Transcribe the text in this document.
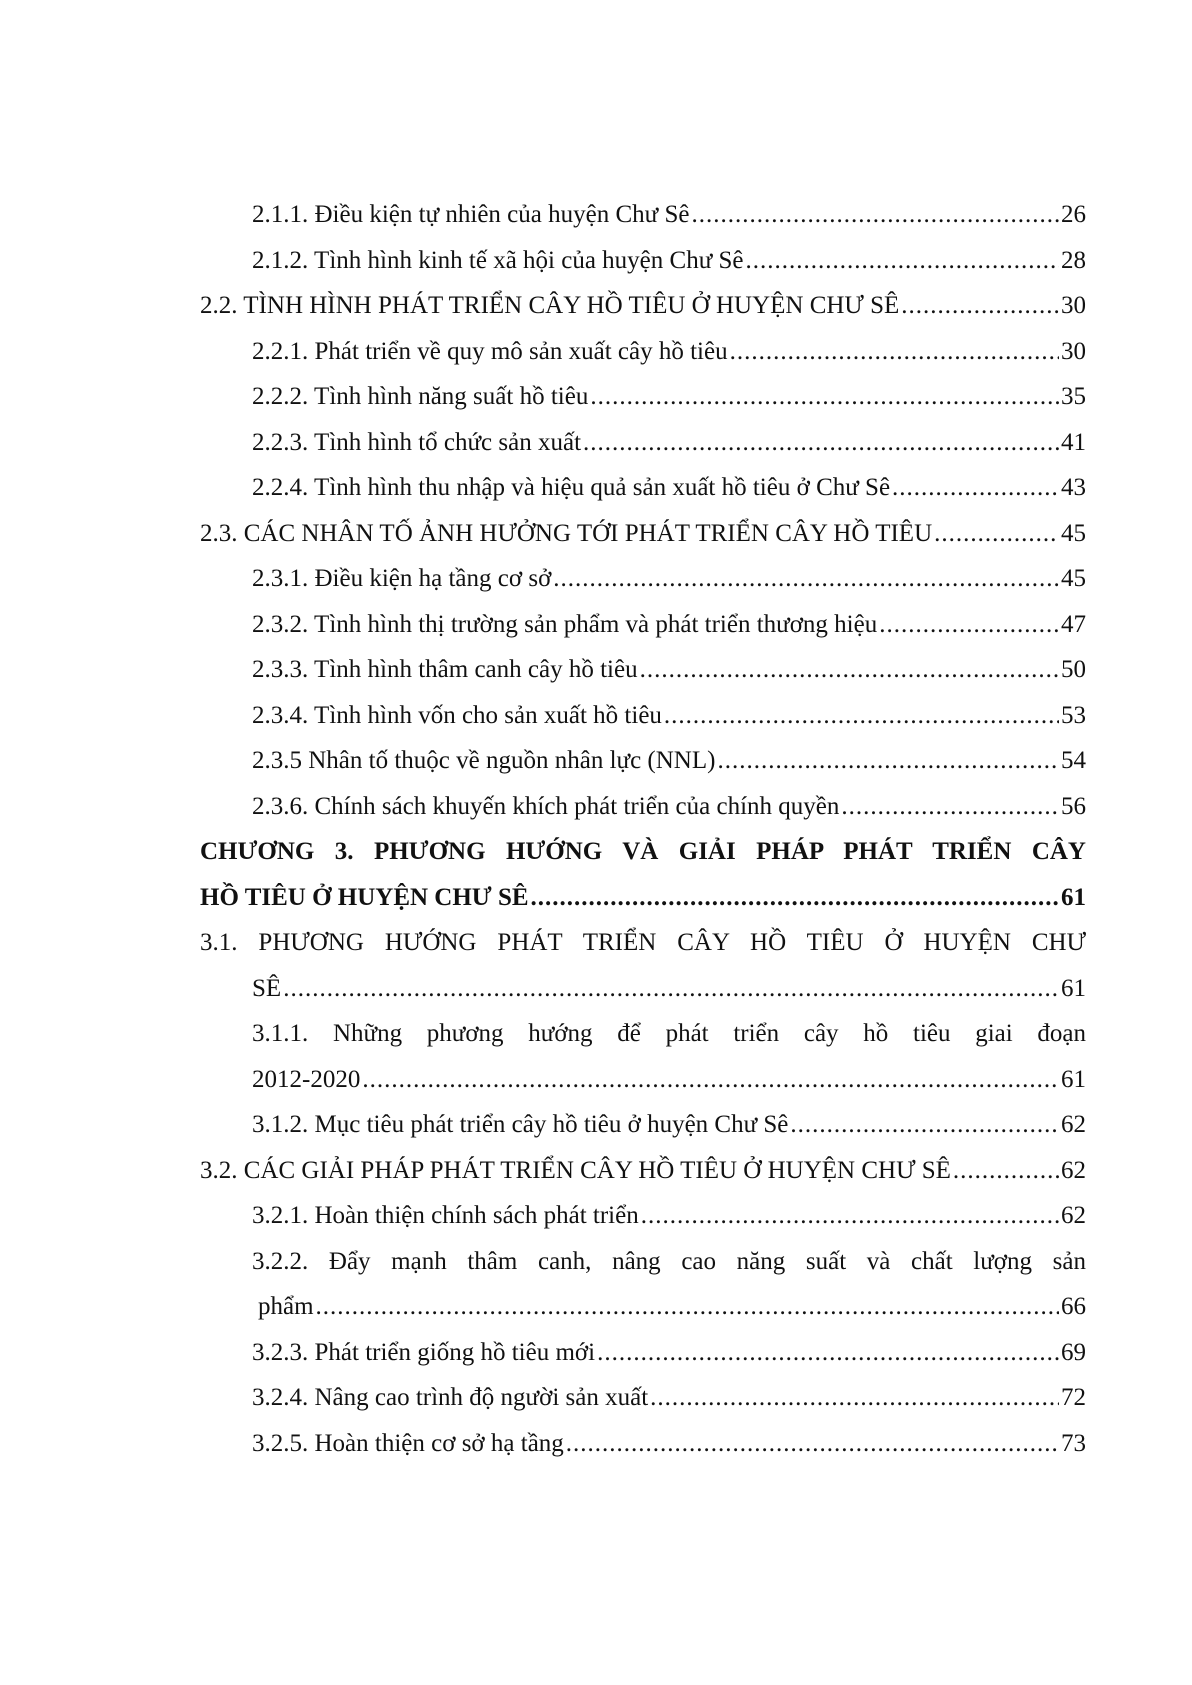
2.1.1. Điều kiện tự nhiên của huyện Chư Sê .....	26
2.1.2. Tình hình kinh tế xã hội của huyện Chư Sê .....	28
2.2. TÌNH HÌNH PHÁT TRIỂN CÂY HỒ TIÊU Ở HUYỆN CHƯ SÊ .....	30
2.2.1. Phát triển về quy mô sản xuất cây hồ tiêu .....	30
2.2.2. Tình hình năng suất hồ tiêu .....	35
2.2.3. Tình hình tổ chức sản xuất .....	41
2.2.4. Tình hình thu nhập và hiệu quả sản xuất hồ tiêu ở Chư Sê .....	43
2.3. CÁC NHÂN TỐ ẢNH HƯỞNG TỚI PHÁT TRIỂN CÂY HỒ TIÊU .....	45
2.3.1. Điều kiện hạ tầng cơ sở .....	45
2.3.2. Tình hình thị trường sản phẩm và phát triển thương hiệu .....	47
2.3.3. Tình hình thâm canh cây hồ tiêu .....	50
2.3.4. Tình hình vốn cho sản xuất hồ tiêu .....	53
2.3.5 Nhân tố thuộc về nguồn nhân lực (NNL) .....	54
2.3.6. Chính sách khuyến khích phát triển của chính quyền .....	56
CHƯƠNG 3. PHƯƠNG HƯỚNG VÀ GIẢI PHÁP PHÁT TRIỂN CÂY
HỒ TIÊU Ở HUYỆN CHƯ SÊ .....	61
3.1. PHƯƠNG HƯỚNG PHÁT TRIỂN CÂY HỒ TIÊU Ở HUYỆN CHƯ
SÊ .....	61
3.1.1. Những phương hướng để phát triển cây hồ tiêu giai đoạn
2012-2020 .....	61
3.1.2. Mục tiêu phát triển cây hồ tiêu ở huyện Chư Sê .....	62
3.2. CÁC GIẢI PHÁP PHÁT TRIỂN CÂY HỒ TIÊU Ở HUYỆN CHƯ SÊ .....	62
3.2.1. Hoàn thiện chính sách phát triển .....	62
3.2.2. Đẩy mạnh thâm canh, nâng cao năng suất và chất lượng sản
phẩm .....	66
3.2.3. Phát triển giống hồ tiêu mới .....	69
3.2.4. Nâng cao trình độ người sản xuất .....	72
3.2.5. Hoàn thiện cơ sở hạ tầng .....	73
